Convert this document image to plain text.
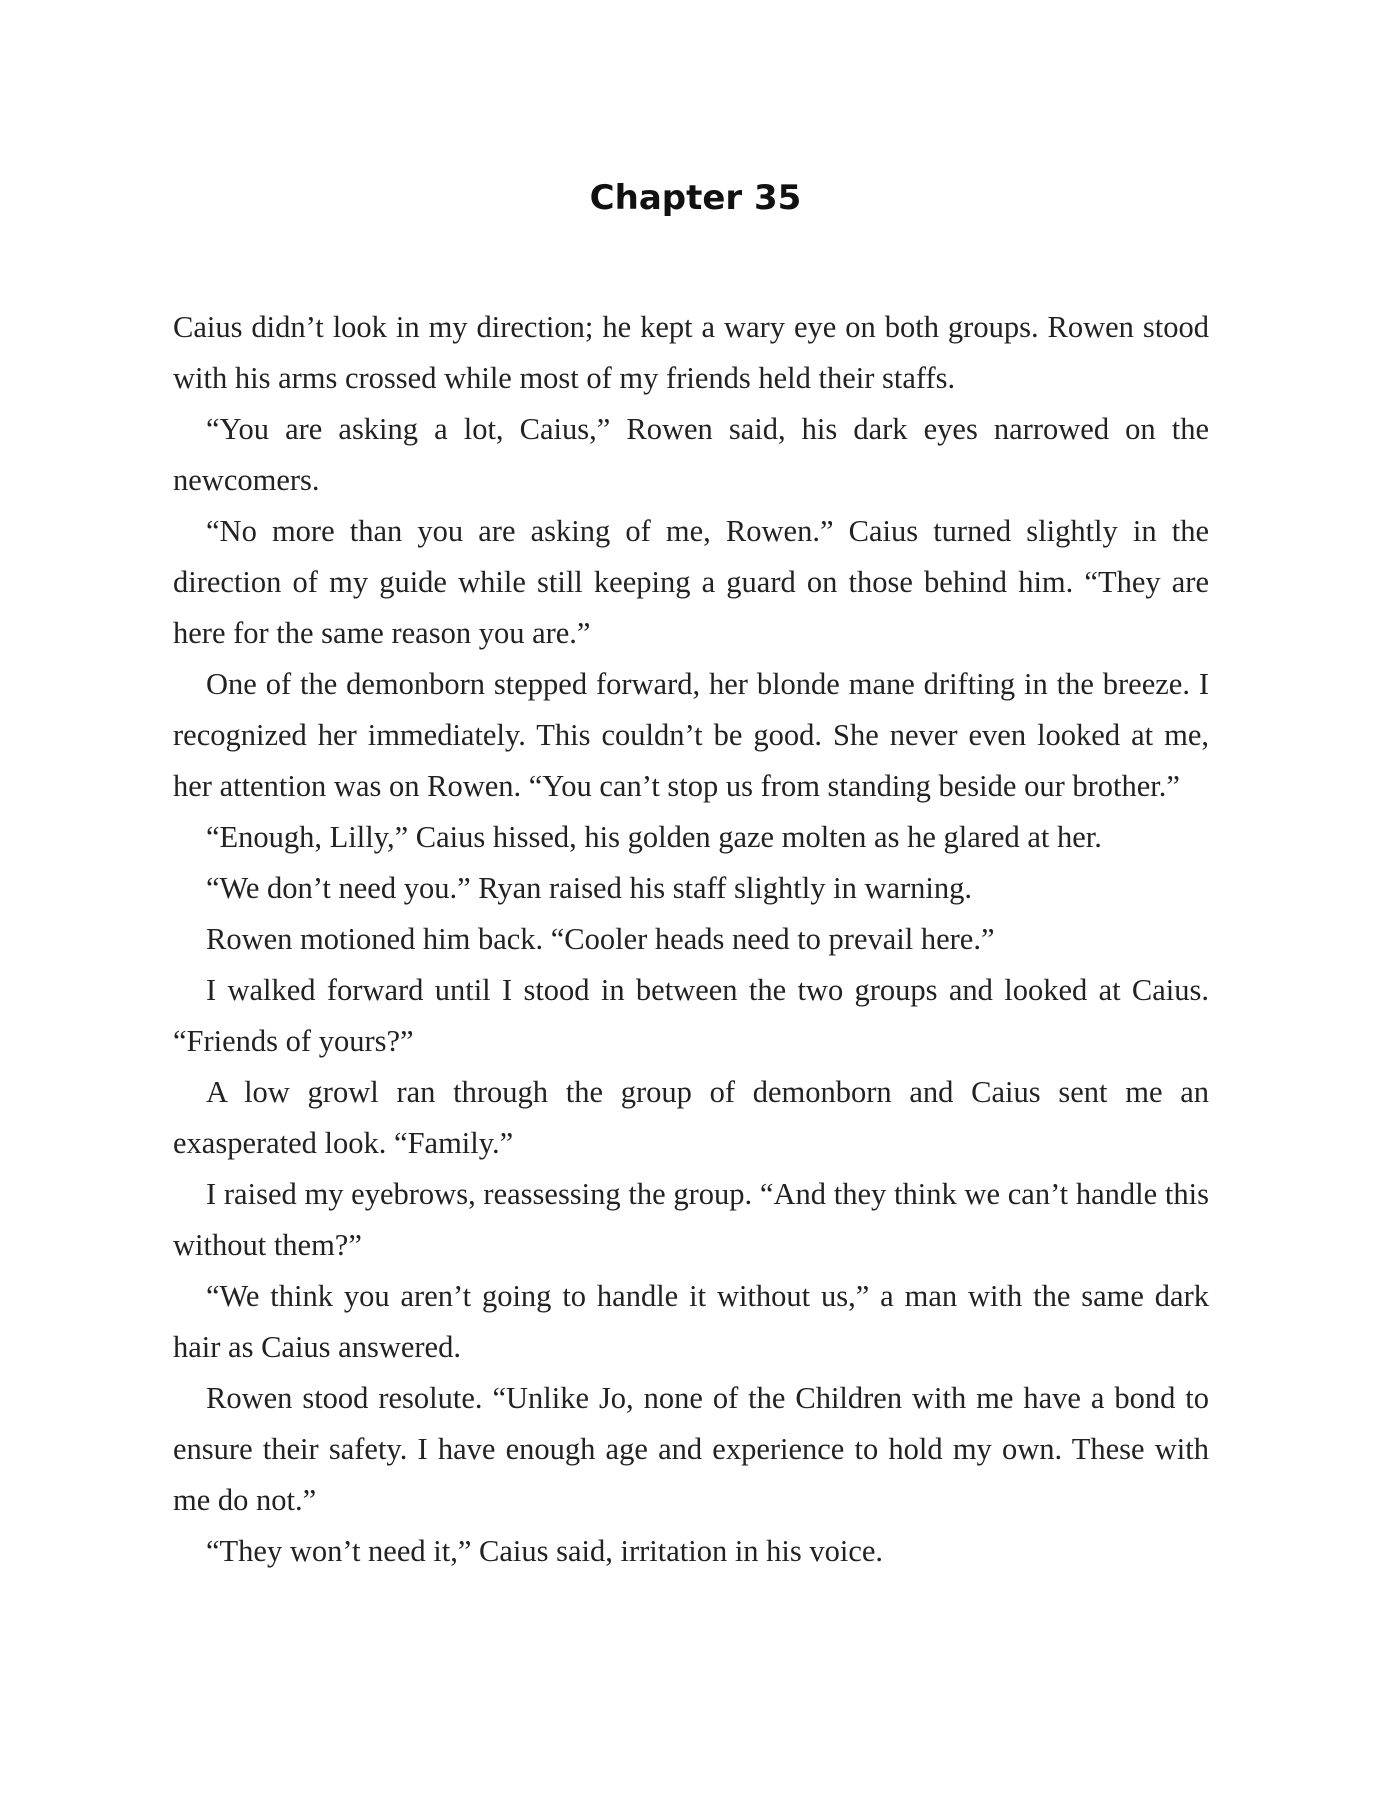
Chapter 35

Caius didn’t look in my direction; he kept a wary eye on both groups. Rowen stood with his arms crossed while most of my friends held their staffs.

“You are asking a lot, Caius,” Rowen said, his dark eyes narrowed on the newcomers.

“No more than you are asking of me, Rowen.” Caius turned slightly in the direction of my guide while still keeping a guard on those behind him. “They are here for the same reason you are.”

One of the demonborn stepped forward, her blonde mane drifting in the breeze. I recognized her immediately. This couldn’t be good. She never even looked at me, her attention was on Rowen. “You can’t stop us from standing beside our brother.”

“Enough, Lilly,” Caius hissed, his golden gaze molten as he glared at her.

“We don’t need you.” Ryan raised his staff slightly in warning.

Rowen motioned him back. “Cooler heads need to prevail here.”

I walked forward until I stood in between the two groups and looked at Caius. “Friends of yours?”

A low growl ran through the group of demonborn and Caius sent me an exasperated look. “Family.”

I raised my eyebrows, reassessing the group. “And they think we can’t handle this without them?”

“We think you aren’t going to handle it without us,” a man with the same dark hair as Caius answered.

Rowen stood resolute. “Unlike Jo, none of the Children with me have a bond to ensure their safety. I have enough age and experience to hold my own. These with me do not.”

“They won’t need it,” Caius said, irritation in his voice.
